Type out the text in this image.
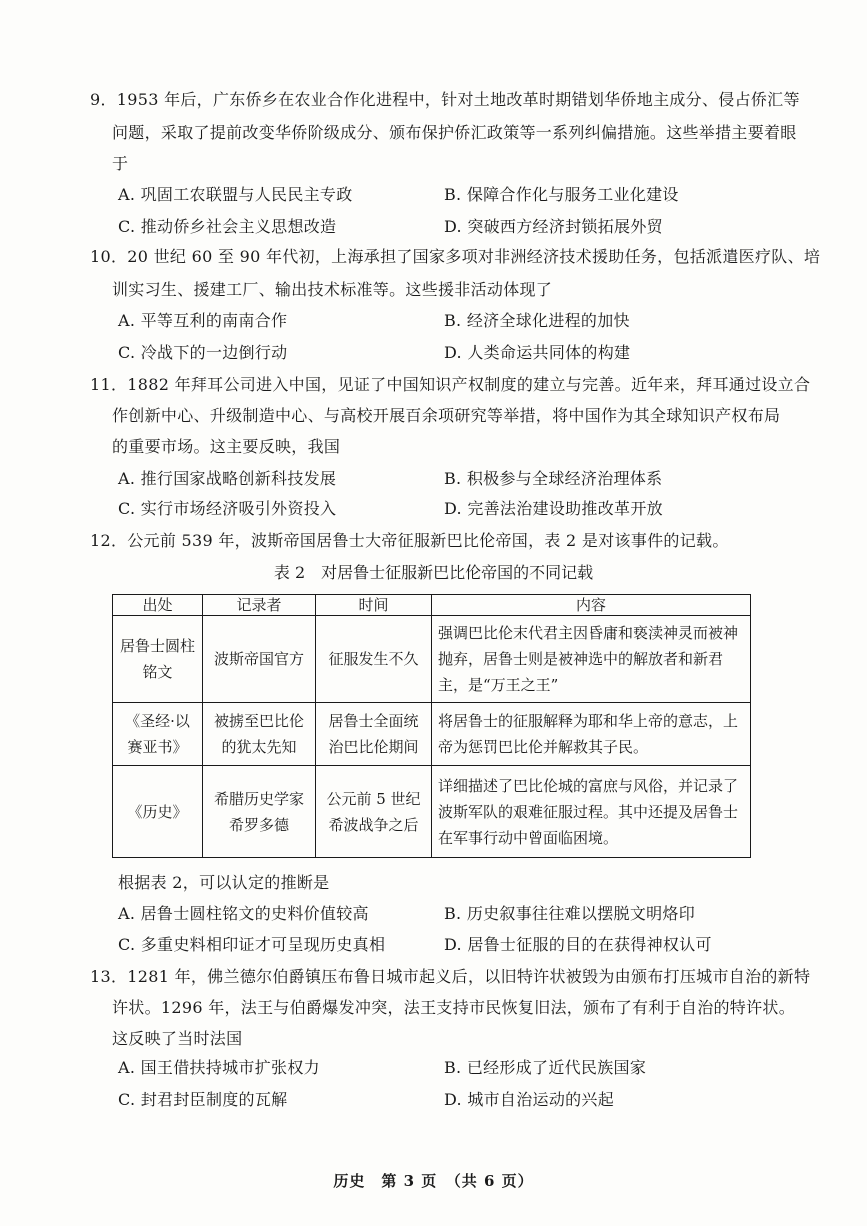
9．1953 年后，广东侨乡在农业合作化进程中，针对土地改革时期错划华侨地主成分、侵占侨汇等
问题，采取了提前改变华侨阶级成分、颁布保护侨汇政策等一系列纠偏措施。这些举措主要着眼
于
A. 巩固工农联盟与人民民主专政	B. 保障合作化与服务工业化建设
C. 推动侨乡社会主义思想改造	D. 突破西方经济封锁拓展外贸
10．20 世纪 60 至 90 年代初，上海承担了国家多项对非洲经济技术援助任务，包括派遣医疗队、培
训实习生、援建工厂、输出技术标准等。这些援非活动体现了
A. 平等互利的南南合作	B. 经济全球化进程的加快
C. 冷战下的一边倒行动	D. 人类命运共同体的构建
11．1882 年拜耳公司进入中国，见证了中国知识产权制度的建立与完善。近年来，拜耳通过设立合
作创新中心、升级制造中心、与高校开展百余项研究等举措，将中国作为其全球知识产权布局
的重要市场。这主要反映，我国
A. 推行国家战略创新科技发展	B. 积极参与全球经济治理体系
C. 实行市场经济吸引外资投入	D. 完善法治建设助推改革开放
12．公元前 539 年，波斯帝国居鲁士大帝征服新巴比伦帝国，表 2 是对该事件的记载。
表 2　对居鲁士征服新巴比伦帝国的不同记载
出处	记录者	时间	内容
居鲁士圆柱铭文	波斯帝国官方	征服发生不久	强调巴比伦末代君主因昏庸和亵渎神灵而被神抛弃，居鲁士则是被神选中的解放者和新君主，是“万王之王”
《圣经·以赛亚书》	被掳至巴比伦的犹太先知	居鲁士全面统治巴比伦期间	将居鲁士的征服解释为耶和华上帝的意志，上帝为惩罚巴比伦并解救其子民。
《历史》	希腊历史学家希罗多德	公元前 5 世纪希波战争之后	详细描述了巴比伦城的富庶与风俗，并记录了波斯军队的艰难征服过程。其中还提及居鲁士在军事行动中曾面临困境。
根据表 2，可以认定的推断是
A. 居鲁士圆柱铭文的史料价值较高	B. 历史叙事往往难以摆脱文明烙印
C. 多重史料相印证才可呈现历史真相	D. 居鲁士征服的目的在获得神权认可
13．1281 年，佛兰德尔伯爵镇压布鲁日城市起义后，以旧特许状被毁为由颁布打压城市自治的新特
许状。1296 年，法王与伯爵爆发冲突，法王支持市民恢复旧法，颁布了有利于自治的特许状。
这反映了当时法国
A. 国王借扶持城市扩张权力	B. 已经形成了近代民族国家
C. 封君封臣制度的瓦解	D. 城市自治运动的兴起
历史　第 3 页　（共 6 页）
